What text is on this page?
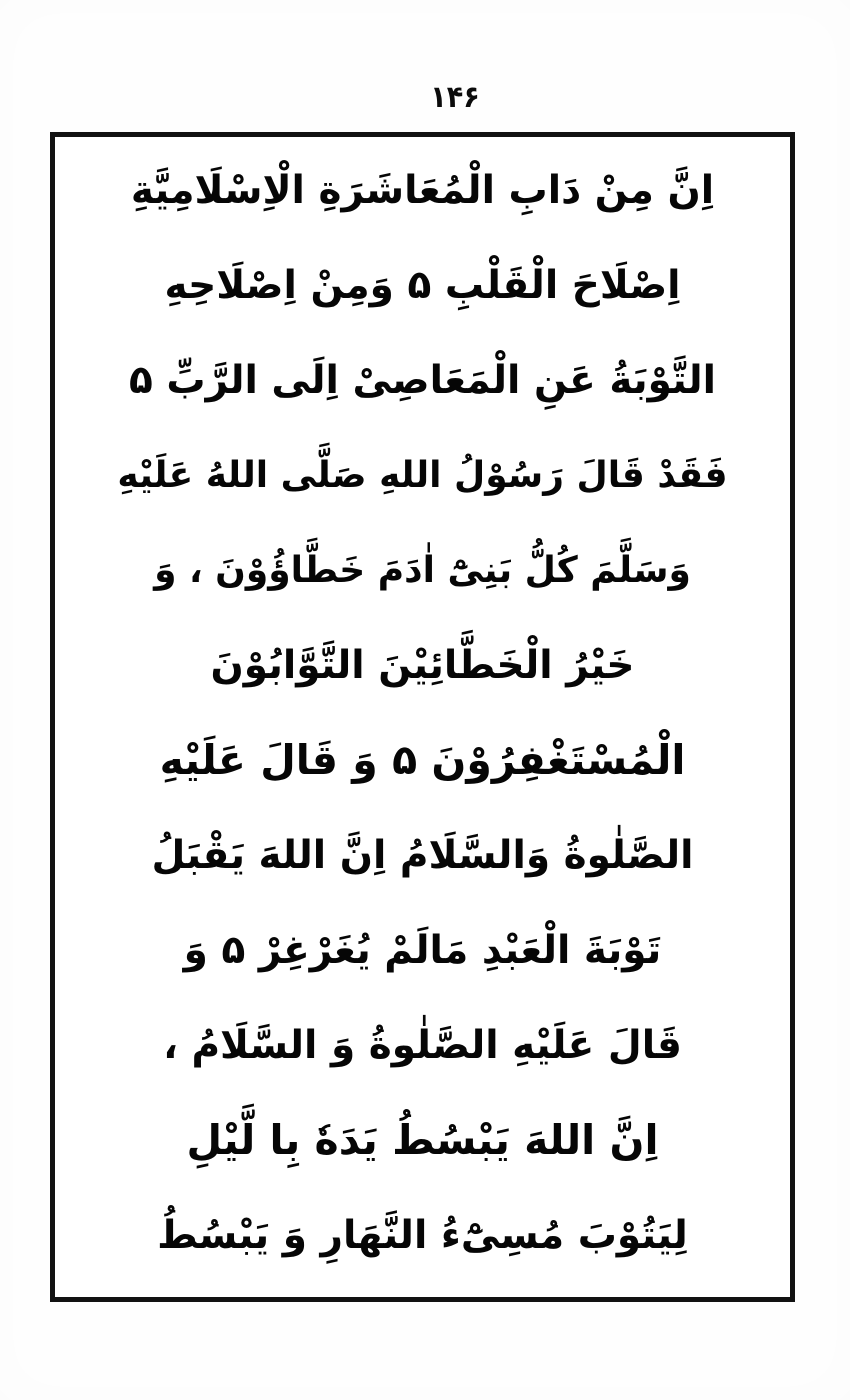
۱۴۶
اِنَّ مِنْ دَابِ الْمُعَاشَرَةِ الْاِسْلَامِيَّةِ
اِصْلَاحَ الْقَلْبِ ۵ وَمِنْ اِصْلَاحِهِ
التَّوْبَةُ عَنِ الْمَعَاصِىْ اِلَى الرَّبِّ ۵
فَقَدْ قَالَ رَسُوْلُ اللهِ صَلَّى اللهُ عَلَيْهِ
وَسَلَّمَ كُلُّ بَنِىْٓ اٰدَمَ خَطَّاؤُوْنَ ، وَ
خَيْرُ الْخَطَّائِيْنَ التَّوَّابُوْنَ
الْمُسْتَغْفِرُوْنَ ۵ وَ قَالَ عَلَيْهِ
الصَّلٰوةُ وَالسَّلَامُ اِنَّ اللهَ يَقْبَلُ
تَوْبَةَ الْعَبْدِ مَالَمْ يُغَرْغِرْ ۵ وَ
قَالَ عَلَيْهِ الصَّلٰوةُ وَ السَّلَامُ ،
اِنَّ اللهَ يَبْسُطُ يَدَهٗ بِا لَّيْلِ
لِيَتُوْبَ مُسِىْٓءُ النَّهَارِ وَ يَبْسُطُ
